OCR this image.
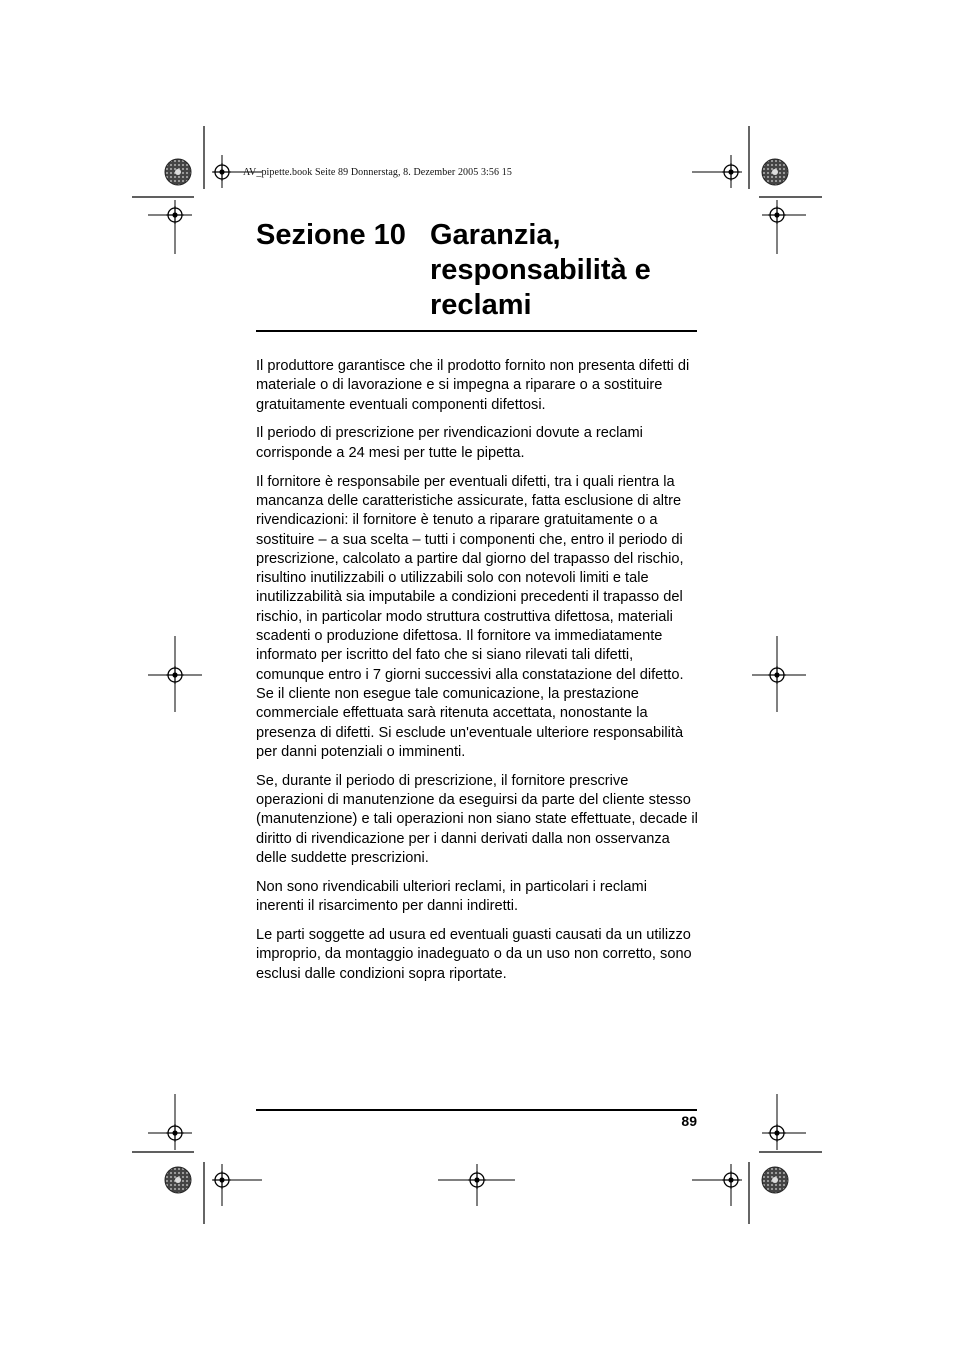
AV_pipette.book Seite 89 Donnerstag, 8. Dezember 2005 3:56 15
Sezione 10 Garanzia, responsabilità e reclami

Il produttore garantisce che il prodotto fornito non presenta difetti di materiale o di lavorazione e si impegna a riparare o a sostituire gratuitamente eventuali componenti difettosi.

Il periodo di prescrizione per rivendicazioni dovute a reclami corrisponde a 24 mesi per tutte le pipetta.

Il fornitore è responsabile per eventuali difetti, tra i quali rientra la mancanza delle caratteristiche assicurate, fatta esclusione di altre rivendicazioni: il fornitore è tenuto a riparare gratuitamente o a sostituire – a sua scelta – tutti i componenti che, entro il periodo di prescrizione, calcolato a partire dal giorno del trapasso del rischio, risultino inutilizzabili o utilizzabili solo con notevoli limiti e tale inutilizzabilità sia imputabile a condizioni precedenti il trapasso del rischio, in particolar modo struttura costruttiva difettosa, materiali scadenti o produzione difettosa. Il fornitore va immediatamente informato per iscritto del fato che si siano rilevati tali difetti, comunque entro i 7 giorni successivi alla constatazione del difetto. Se il cliente non esegue tale comunicazione, la prestazione commerciale effettuata sarà ritenuta accettata, nonostante la presenza di difetti. Si esclude un'eventuale ulteriore responsabilità per danni potenziali o imminenti.

Se, durante il periodo di prescrizione, il fornitore prescrive operazioni di manutenzione da eseguirsi da parte del cliente stesso (manutenzione) e tali operazioni non siano state effettuate, decade il diritto di rivendicazione per i danni derivati dalla non osservanza delle suddette prescrizioni.

Non sono rivendicabili ulteriori reclami, in particolari i reclami inerenti il risarcimento per danni indiretti.

Le parti soggette ad usura ed eventuali guasti causati da un utilizzo improprio, da montaggio inadeguato o da un uso non corretto, sono esclusi dalle condizioni sopra riportate.

89
